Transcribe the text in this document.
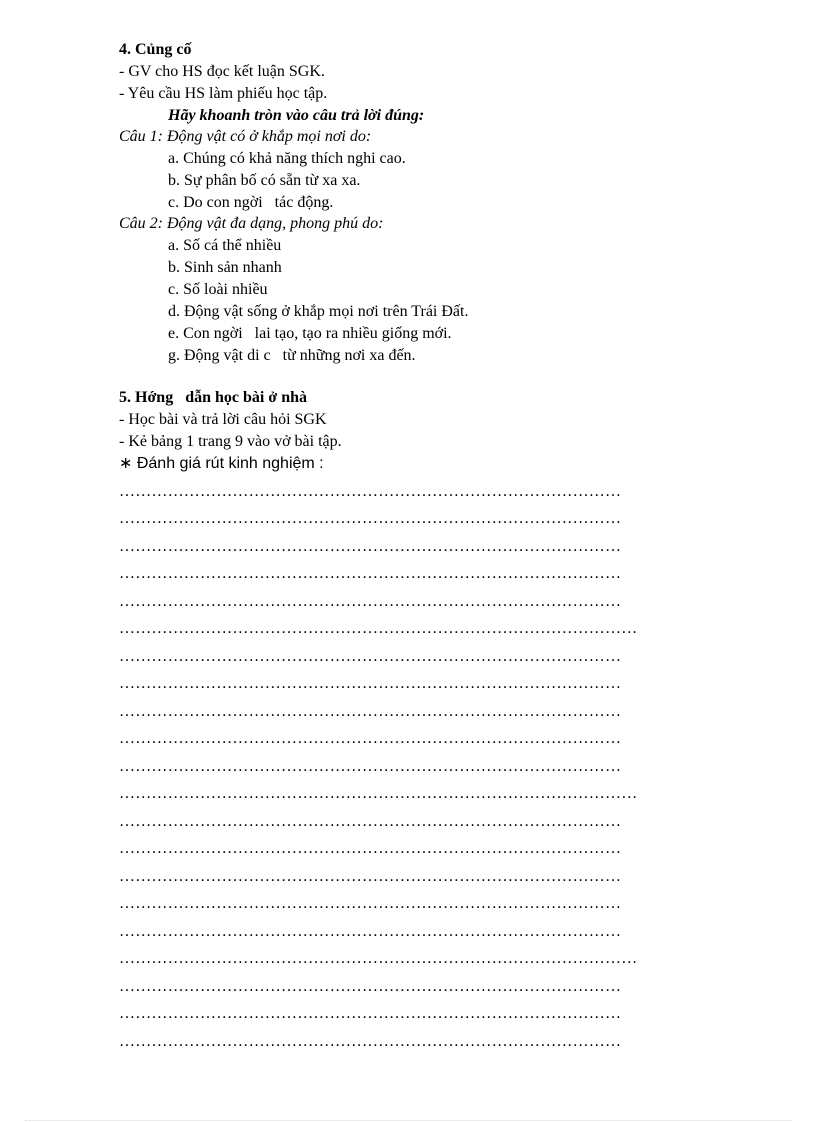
4. Củng cố
- GV cho HS đọc kết luận SGK.
- Yêu cầu HS làm phiếu học tập.
Hãy khoanh tròn vào câu trả lời đúng:
Câu 1: Động vật có ở khắp mọi nơi do:
a. Chúng có khả năng thích nghi cao.
b. Sự phân bố có sẵn từ xa xa.
c. Do con ngời   tác động.
Câu 2: Động vật đa dạng, phong phú do:
a. Số cá thể nhiều
b. Sinh sản nhanh
c. Số loài nhiều
d. Động vật sống ở khắp mọi nơi trên Trái Đất.
e. Con ngời   lai tạo, tạo ra nhiều giống mới.
g. Động vật di c   từ những nơi xa đến.
5. Hớng   dẫn học bài ở nhà
- Học bài và trả lời câu hỏi SGK
- Kẻ bảng 1 trang 9 vào vở bài tập.
∗ Đánh giá rút kinh nghiệm :
…………………………………………………………………………………
…………………………………………………………………………………
…………………………………………………………………………………
…………………………………………………………………………………
…………………………………………………………………………………
……………………………………………………………………………………
…………………………………………………………………………………
…………………………………………………………………………………
…………………………………………………………………………………
…………………………………………………………………………………
…………………………………………………………………………………
……………………………………………………………………………………
…………………………………………………………………………………
…………………………………………………………………………………
…………………………………………………………………………………
…………………………………………………………………………………
…………………………………………………………………………………
……………………………………………………………………………………
…………………………………………………………………………………
…………………………………………………………………………………
…………………………………………………………………………………
